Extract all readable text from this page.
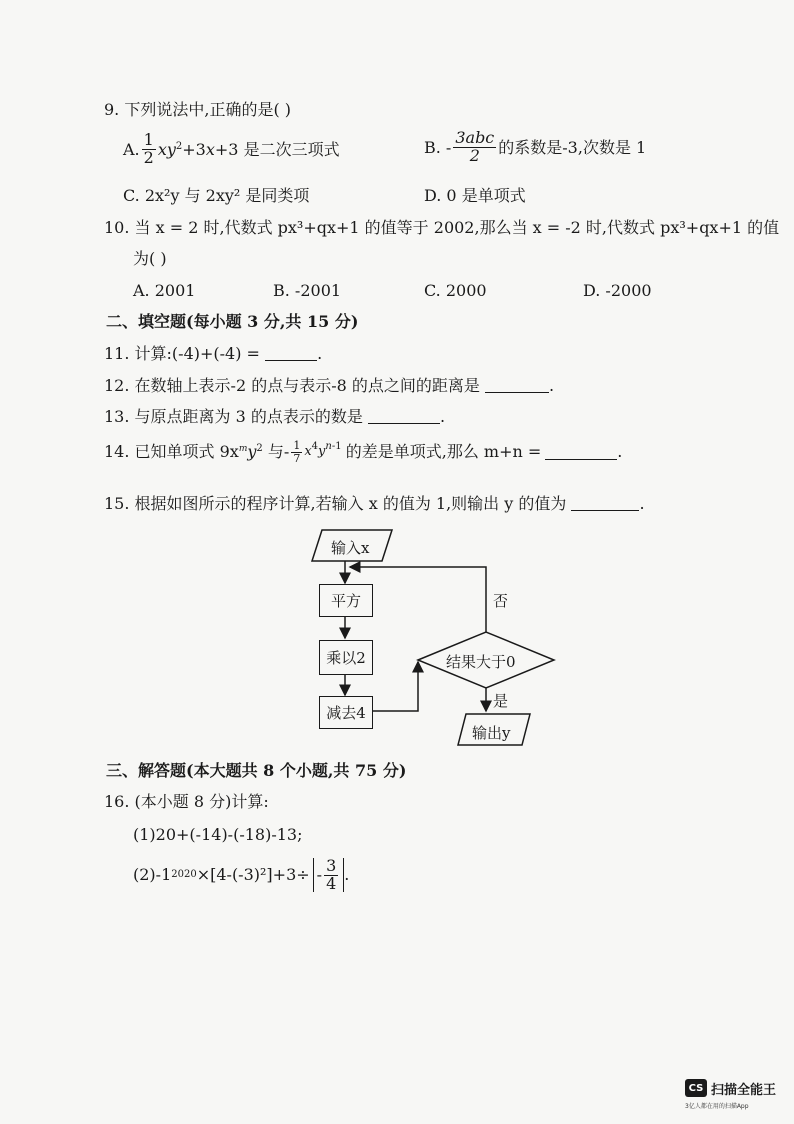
9. 下列说法中,正确的是( )
A. $\frac{1}{2} xy^2+3x+3$ 是二次三项式	B. - $\frac{\text{3abc}}{2}$ 的系数是-3,次数是 1
C. 2x²y 与 2xy² 是同类项	D. 0 是单项式
10. 当 x = 2 时,代数式 px³+qx+1 的值等于 2002,那么当 x = -2 时,代数式 px³+qx+1 的值
为( )
A. 2001	B. -2001	C. 2000	D. -2000
二、填空题(每小题 3 分,共 15 分)
11. 计算:(-4)+(-4) =	.
12. 在数轴上表示-2 的点与表示-8 的点之间的距离是	.
13. 与原点距离为 3 的点表示的数是	.
14. 已知单项式 9x $^my^2$ 与- $\frac{1}{7} x^4y^{n-1}$ 的差是单项式,那么 m+n =	.
15. 根据如图所示的程序计算,若输入 x 的值为 1,则输出 y 的值为	.
输入x
平方
乘以2
减去4
结果大于0
否
是
输出y
三、解答题(本大题共 8 个小题,共 75 分)
16. (本小题 8 分)计算:
(1)20+(-14)-(-18)-13;
(2)-1 $2020 \times[4-(-3)^2]+3\div - \frac{3}{4}$ .
CS 扫描全能王
3亿人都在用的扫描App
